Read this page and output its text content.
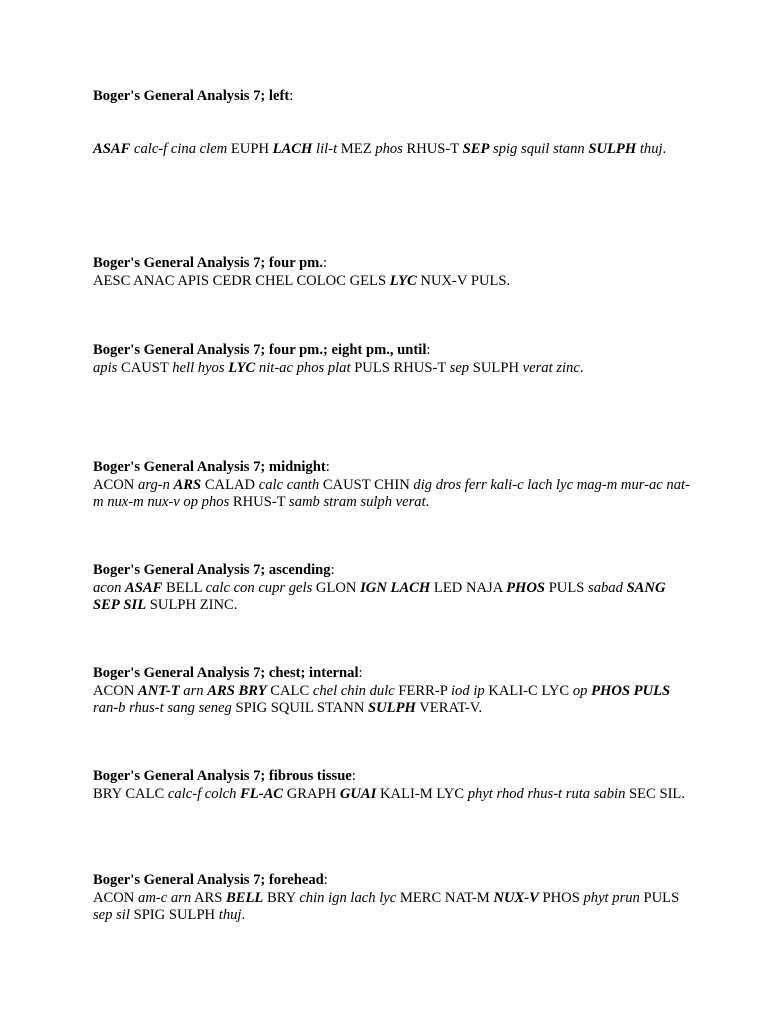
Boger's General Analysis 7; left:
ASAF calc-f cina clem EUPH LACH lil-t MEZ phos RHUS-T SEP spig squil stann SULPH thuj.
Boger's General Analysis 7; four pm.:
AESC ANAC APIS CEDR CHEL COLOC GELS LYC NUX-V PULS.
Boger's General Analysis 7; four pm.; eight pm., until:
apis CAUST hell hyos LYC nit-ac phos plat PULS RHUS-T sep SULPH verat zinc.
Boger's General Analysis 7; midnight:
ACON arg-n ARS CALAD calc canth CAUST CHIN dig dros ferr kali-c lach lyc mag-m mur-ac nat-m nux-m nux-v op phos RHUS-T samb stram sulph verat.
Boger's General Analysis 7; ascending:
acon ASAF BELL calc con cupr gels GLON IGN LACH LED NAJA PHOS PULS sabad SANG SEP SIL SULPH ZINC.
Boger's General Analysis 7; chest; internal:
ACON ANT-T arn ARS BRY CALC chel chin dulc FERR-P iod ip KALI-C LYC op PHOS PULS ran-b rhus-t sang seneg SPIG SQUIL STANN SULPH VERAT-V.
Boger's General Analysis 7; fibrous tissue:
BRY CALC calc-f colch FL-AC GRAPH GUAI KALI-M LYC phyt rhod rhus-t ruta sabin SEC SIL.
Boger's General Analysis 7; forehead:
ACON am-c arn ARS BELL BRY chin ign lach lyc MERC NAT-M NUX-V PHOS phyt prun PULS sep sil SPIG SULPH thuj.
